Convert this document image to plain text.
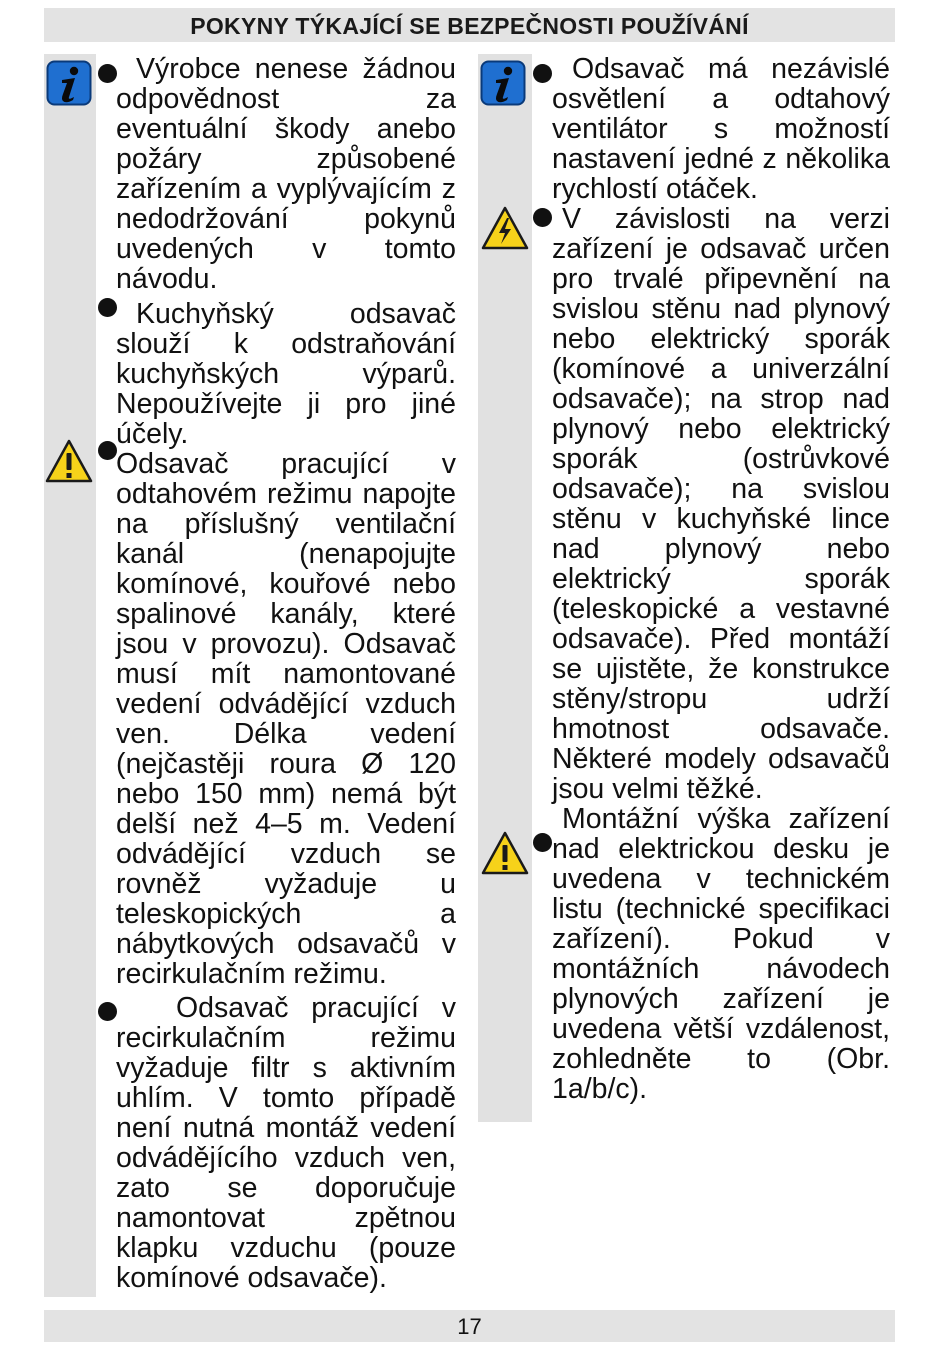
POKYNY TÝKAJÍCÍ SE BEZPEČNOSTI POUŽÍVÁNÍ

Výrobce nenese žádnou odpovědnost za eventuální škody anebo požáry způsobené zařízením a vyplývajícím z nedodržování pokynů uvedených v tomto návodu.

Kuchyňský odsavač slouží k odstraňování kuchyňských výparů. Nepoužívejte ji pro jiné účely.

Odsavač pracující v odtahovém režimu napojte na příslušný ventilační kanál (nenapojujte komínové, kouřové nebo spalinové kanály, které jsou v provozu). Odsavač musí mít namontované vedení odvádějící vzduch ven. Délka vedení (nejčastěji roura Ø 120 nebo 150 mm) nemá být delší než 4–5 m. Vedení odvádějící vzduch se rovněž vyžaduje u teleskopických a nábytkových odsavačů v recirkulačním režimu.

Odsavač pracující v recirkulačním režimu vyžaduje filtr s aktivním uhlím. V tomto případě není nutná montáž vedení odvádějícího vzduch ven, zato se doporučuje namontovat zpětnou klapku vzduchu (pouze komínové odsavače).

Odsavač má nezávislé osvětlení a odtahový ventilátor s možností nastavení jedné z několika rychlostí otáček.

V závislosti na verzi zařízení je odsavač určen pro trvalé připevnění na svislou stěnu nad plynový nebo elektrický sporák (komínové a univerzální odsavače); na strop nad plynový nebo elektrický sporák (ostrůvkové odsavače); na svislou stěnu v kuchyňské lince nad plynový nebo elektrický sporák (teleskopické a vestavné odsavače). Před montáží se ujistěte, že konstrukce stěny/stropu udrží hmotnost odsavače. Některé modely odsavačů jsou velmi těžké.

Montážní výška zařízení nad elektrickou desku je uvedena v technickém listu (technické specifikaci zařízení). Pokud v montážních návodech plynových zařízení je uvedena větší vzdálenost, zohledněte to (Obr. 1a/b/c).

17
